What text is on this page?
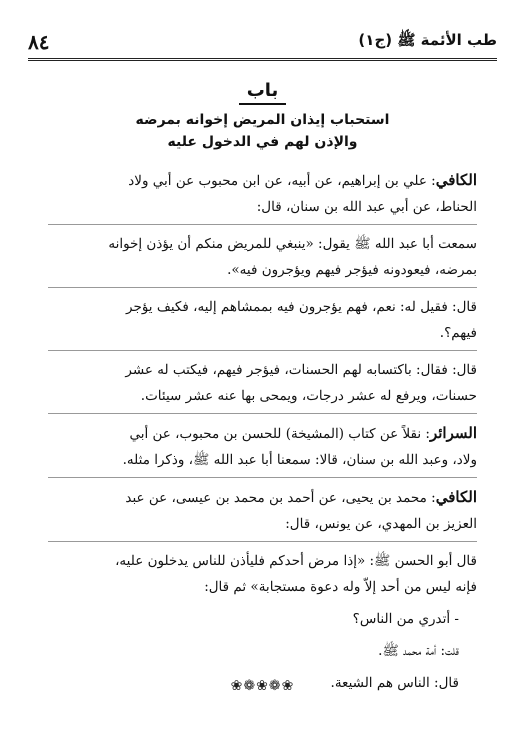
٨٤	طب الأئمة ﷺ (ج١)
باب
استحباب إيذان المريض إخوانه بمرضه
والإذن لهم في الدخول عليه

الكافي: علي بن إبراهيم، عن أبيه، عن ابن محبوب عن أبي ولاد
الحناط، عن أبي عبد الله بن سنان، قال:

سمعت أبا عبد الله ﷺ يقول: «ينبغي للمريض منكم أن يؤذن إخوانه
بمرضه، فيعودونه فيؤجر فيهم ويؤجرون فيه».

قال: فقيل له: نعم، فهم يؤجرون فيه بممشاهم إليه، فكيف يؤجر
فيهم؟.

قال: فقال: باكتسابه لهم الحسنات، فيؤجر فيهم، فيكتب له عشر
حسنات، ويرفع له عشر درجات، ويمحى بها عنه عشر سيئات.

السرائر: نقلاً عن كتاب (المشيخة) للحسن بن محبوب، عن أبي
ولاد، وعبد الله بن سنان، قالا: سمعنا أبا عبد الله ﷺ، وذكرا مثله.

الكافي: محمد بن يحيى، عن أحمد بن محمد بن عيسى، عن عبد
العزيز بن المهدي، عن يونس، قال:

قال أبو الحسن ﷺ: «إذا مرض أحدكم فليأذن للناس يدخلون عليه،
فإنه ليس من أحد إلاّ وله دعوة مستجابة» ثم قال:

- أتدري من الناس؟

قلت: أمة محمد ﷺ.

قال: الناس هم الشيعة.

❀❁❀❁❀
